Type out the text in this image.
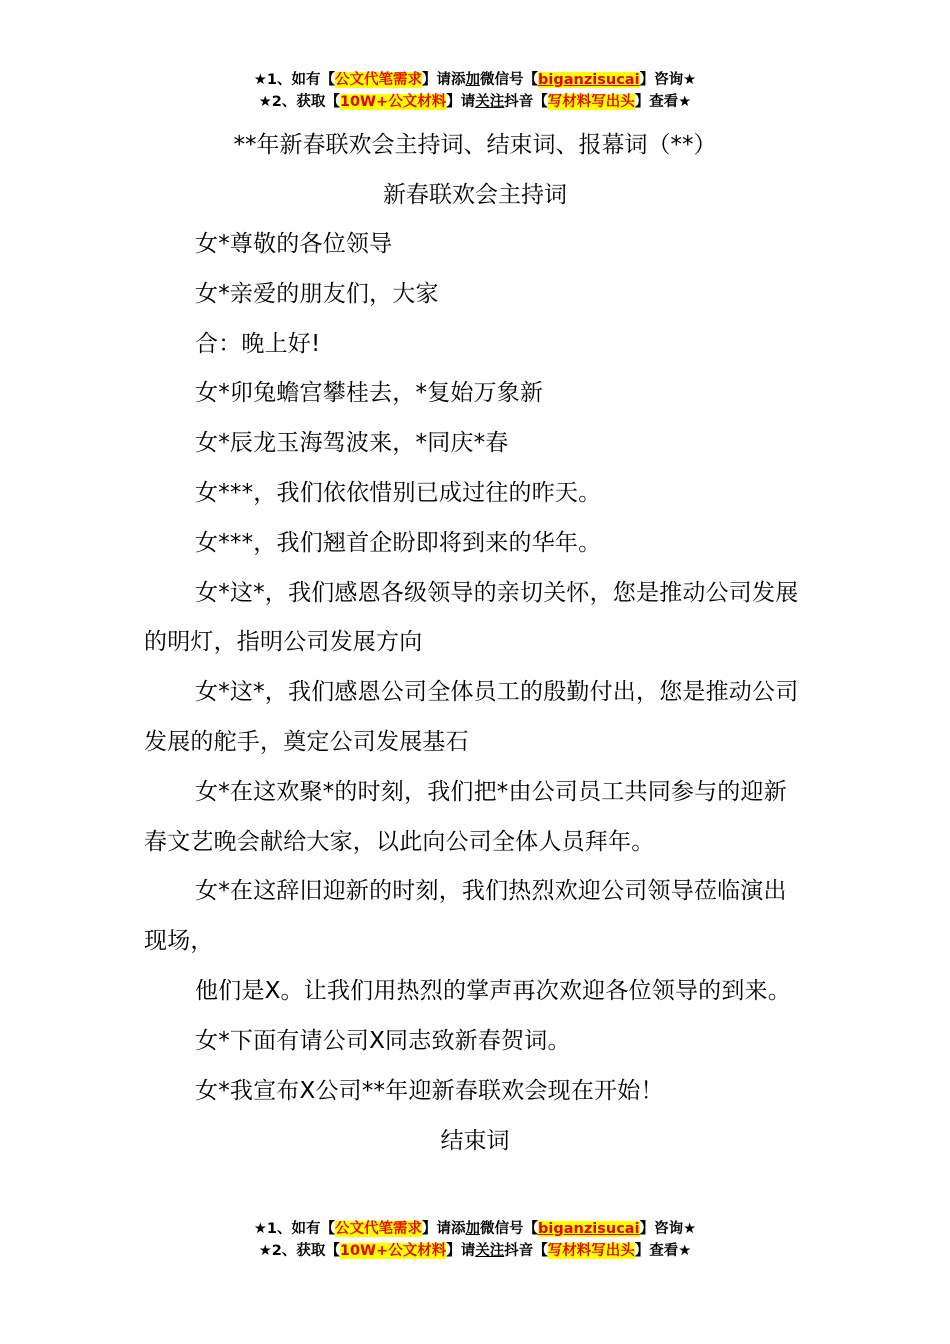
★1、如有【公文代笔需求】请添加微信号【biganzisucai】咨询★
★2、获取【10W+公文材料】请关注抖音【写材料写出头】查看★
**年新春联欢会主持词、结束词、报幕词（**）
新春联欢会主持词

女*尊敬的各位领导

女*亲爱的朋友们，大家

合：晚上好!

女*卯兔蟾宫攀桂去，*复始万象新

女*辰龙玉海驾波来，*同庆*春

女***，我们依依惜别已成过往的昨天。

女***，我们翘首企盼即将到来的华年。

女*这*，我们感恩各级领导的亲切关怀，您是推动公司发展的明灯，指明公司发展方向

女*这*，我们感恩公司全体员工的殷勤付出，您是推动公司发展的舵手，奠定公司发展基石

女*在这欢聚*的时刻，我们把*由公司员工共同参与的迎新春文艺晚会献给大家，以此向公司全体人员拜年。

女*在这辞旧迎新的时刻，我们热烈欢迎公司领导莅临演出现场，

他们是X。让我们用热烈的掌声再次欢迎各位领导的到来。

女*下面有请公司X同志致新春贺词。

女*我宣布X公司**年迎新春联欢会现在开始！

结束词
★1、如有【公文代笔需求】请添加微信号【biganzisucai】咨询★
★2、获取【10W+公文材料】请关注抖音【写材料写出头】查看★
